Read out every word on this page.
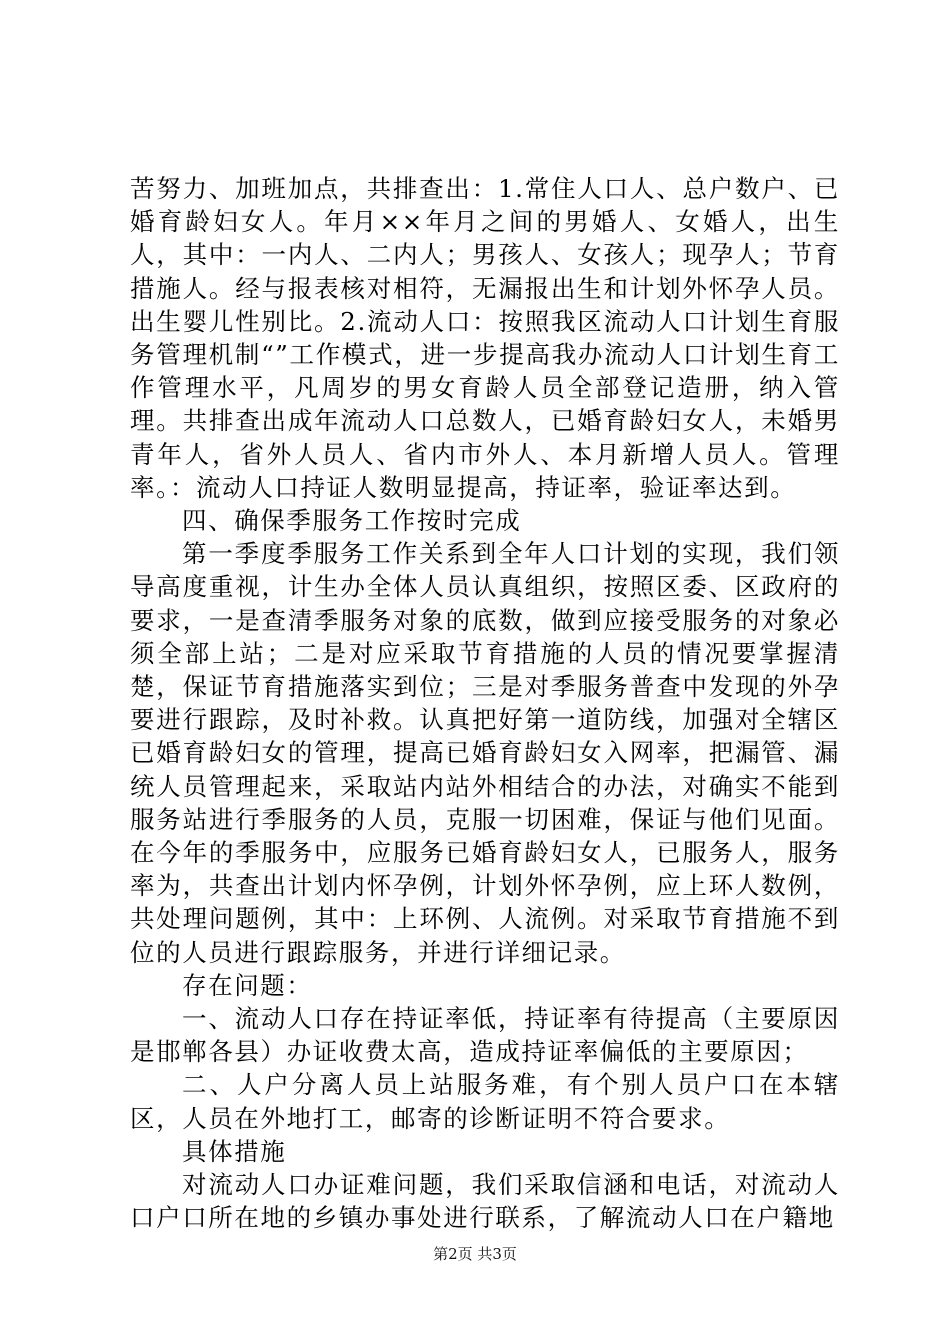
苦努力、加班加点，共排查出：1.常住人口人、总户数户、已婚育龄妇女人。年月××年月之间的男婚人、女婚人，出生人，其中：一内人、二内人；男孩人、女孩人；现孕人；节育措施人。经与报表核对相符，无漏报出生和计划外怀孕人员。出生婴儿性别比。2.流动人口：按照我区流动人口计划生育服务管理机制“”工作模式，进一步提高我办流动人口计划生育工作管理水平，凡周岁的男女育龄人员全部登记造册，纳入管理。共排查出成年流动人口总数人，已婚育龄妇女人，未婚男青年人，省外人员人、省内市外人、本月新增人员人。管理率。：流动人口持证人数明显提高，持证率，验证率达到。

四、确保季服务工作按时完成

第一季度季服务工作关系到全年人口计划的实现，我们领导高度重视，计生办全体人员认真组织，按照区委、区政府的要求，一是查清季服务对象的底数，做到应接受服务的对象必须全部上站；二是对应采取节育措施的人员的情况要掌握清楚，保证节育措施落实到位；三是对季服务普查中发现的外孕要进行跟踪，及时补救。认真把好第一道防线，加强对全辖区已婚育龄妇女的管理，提高已婚育龄妇女入网率，把漏管、漏统人员管理起来，采取站内站外相结合的办法，对确实不能到服务站进行季服务的人员，克服一切困难，保证与他们见面。在今年的季服务中，应服务已婚育龄妇女人，已服务人，服务率为，共查出计划内怀孕例，计划外怀孕例，应上环人数例，共处理问题例，其中：上环例、人流例。对采取节育措施不到位的人员进行跟踪服务，并进行详细记录。

存在问题：

一、流动人口存在持证率低，持证率有待提高（主要原因是邯郸各县）办证收费太高，造成持证率偏低的主要原因；

二、人户分离人员上站服务难，有个别人员户口在本辖区，人员在外地打工，邮寄的诊断证明不符合要求。

具体措施

对流动人口办证难问题，我们采取信涵和电话，对流动人口户口所在地的乡镇办事处进行联系，了解流动人口在户籍地

第2页 共3页
